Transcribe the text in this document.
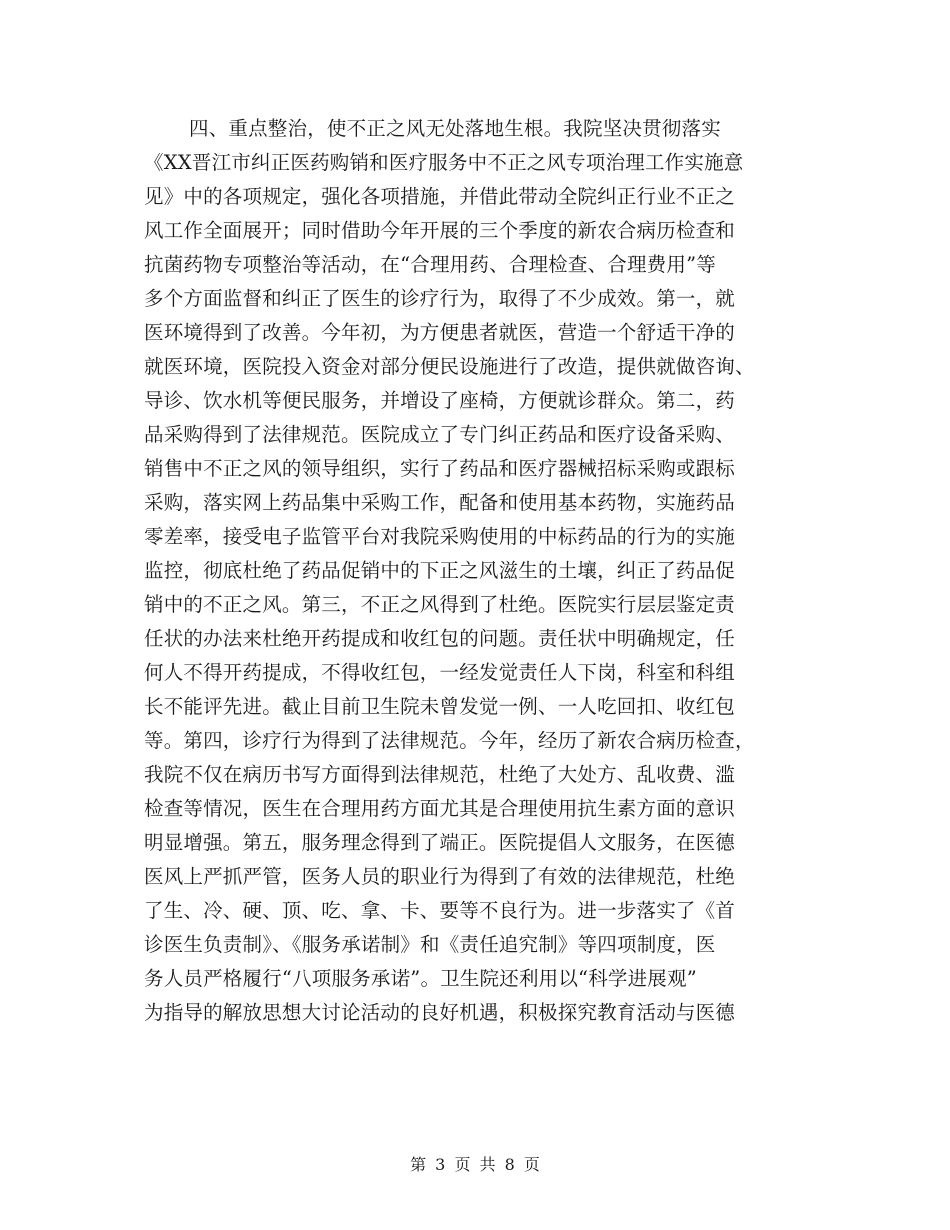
四、重点整治，使不正之风无处落地生根。我院坚决贯彻落实
《XX晋江市纠正医药购销和医疗服务中不正之风专项治理工作实施意
见》中的各项规定，强化各项措施，并借此带动全院纠正行业不正之
风工作全面展开；同时借助今年开展的三个季度的新农合病历检查和
抗菌药物专项整治等活动，在“合理用药、合理检查、合理费用”等
多个方面监督和纠正了医生的诊疗行为，取得了不少成效。第一，就
医环境得到了改善。今年初，为方便患者就医，营造一个舒适干净的
就医环境，医院投入资金对部分便民设施进行了改造，提供就做咨询、
导诊、饮水机等便民服务，并增设了座椅，方便就诊群众。第二，药
品采购得到了法律规范。医院成立了专门纠正药品和医疗设备采购、
销售中不正之风的领导组织，实行了药品和医疗器械招标采购或跟标
采购，落实网上药品集中采购工作，配备和使用基本药物，实施药品
零差率，接受电子监管平台对我院采购使用的中标药品的行为的实施
监控，彻底杜绝了药品促销中的下正之风滋生的土壤，纠正了药品促
销中的不正之风。第三，不正之风得到了杜绝。医院实行层层鉴定责
任状的办法来杜绝开药提成和收红包的问题。责任状中明确规定，任
何人不得开药提成，不得收红包，一经发觉责任人下岗，科室和科组
长不能评先进。截止目前卫生院未曾发觉一例、一人吃回扣、收红包
等。第四，诊疗行为得到了法律规范。今年，经历了新农合病历检查，
我院不仅在病历书写方面得到法律规范，杜绝了大处方、乱收费、滥
检查等情况，医生在合理用药方面尤其是合理使用抗生素方面的意识
明显增强。第五，服务理念得到了端正。医院提倡人文服务，在医德
医风上严抓严管，医务人员的职业行为得到了有效的法律规范，杜绝
了生、冷、硬、顶、吃、拿、卡、要等不良行为。进一步落实了《首
诊医生负责制》、《服务承诺制》和《责任追究制》等四项制度，医
务人员严格履行“八项服务承诺”。卫生院还利用以“科学进展观”
为指导的解放思想大讨论活动的良好机遇，积极探究教育活动与医德
第 3 页 共 8 页
